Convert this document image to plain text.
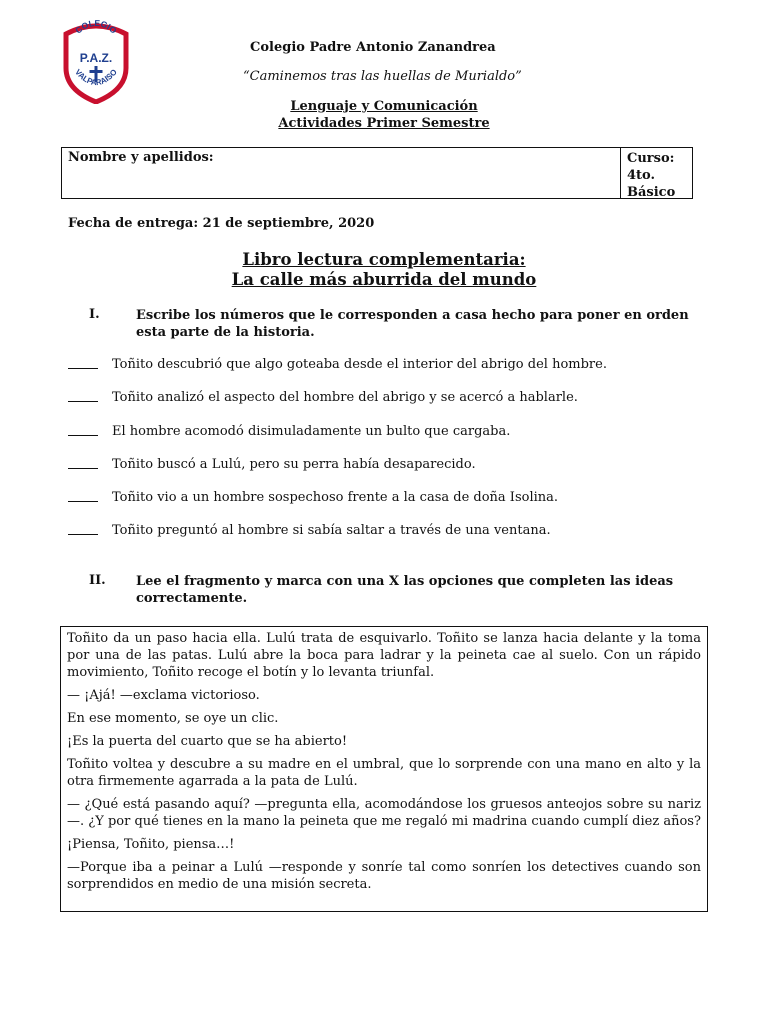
COLEGIO
P.A.Z.
VALPARAISO
Colegio Padre Antonio Zanandrea
“Caminemos tras las huellas de Murialdo”
Lenguaje y Comunicación
Actividades Primer Semestre
Nombre y apellidos:	Curso:
4to.
Básico
Fecha de entrega: 21 de septiembre, 2020
Libro lectura complementaria:
La calle más aburrida del mundo
I.	Escribe los números que le corresponden a casa hecho para poner en orden esta parte de la historia.
Toñito descubrió que algo goteaba desde el interior del abrigo del hombre.
Toñito analizó el aspecto del hombre del abrigo y se acercó a hablarle.
El hombre acomodó disimuladamente un bulto que cargaba.
Toñito buscó a Lulú, pero su perra había desaparecido.
Toñito vio a un hombre sospechoso frente a la casa de doña Isolina.
Toñito preguntó al hombre si sabía saltar a través de una ventana.
II. Lee el fragmento y marca con una X las opciones que completen las ideas correctamente.

Toñito da un paso hacia ella. Lulú trata de esquivarlo. Toñito se lanza hacia delante y la toma por una de las patas. Lulú abre la boca para ladrar y la peineta cae al suelo. Con un rápido movimiento, Toñito recoge el botín y lo levanta triunfal.

— ¡Ajá! —exclama victorioso.

En ese momento, se oye un clic.

¡Es la puerta del cuarto que se ha abierto!

Toñito voltea y descubre a su madre en el umbral, que lo sorprende con una mano en alto y la otra firmemente agarrada a la pata de Lulú.

— ¿Qué está pasando aquí? —pregunta ella, acomodándose los gruesos anteojos sobre su nariz—. ¿Y por qué tienes en la mano la peineta que me regaló mi madrina cuando cumplí diez años?

¡Piensa, Toñito, piensa…!

—Porque iba a peinar a Lulú —responde y sonríe tal como sonríen los detectives cuando son sorprendidos en medio de una misión secreta.
